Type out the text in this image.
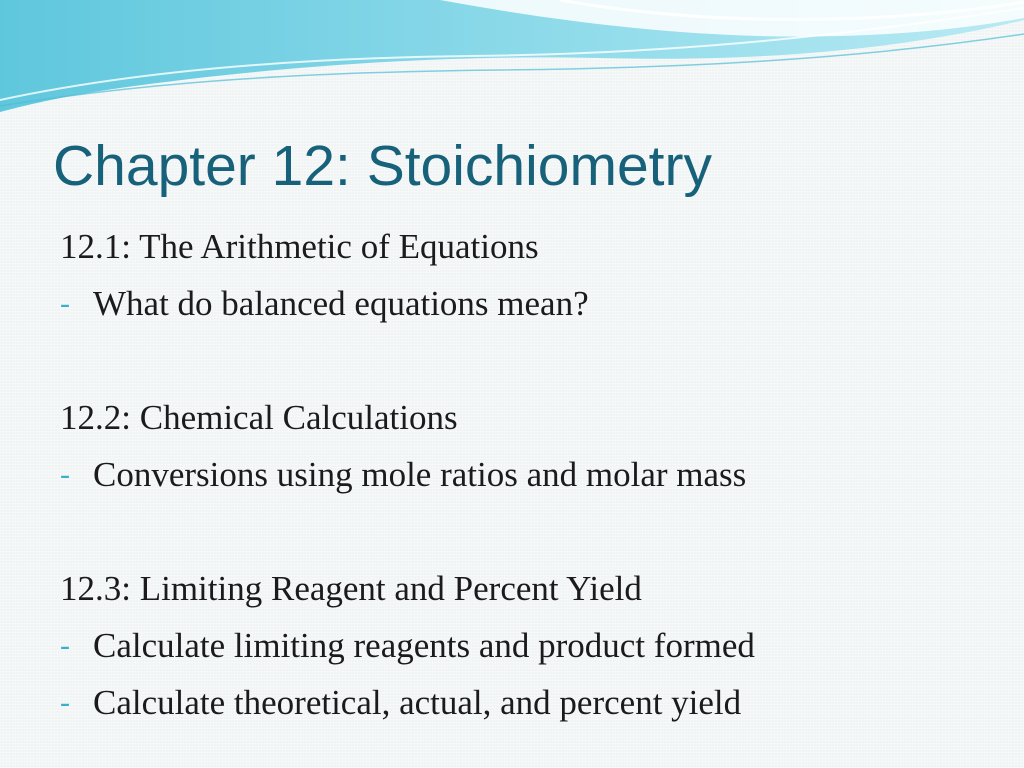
Chapter 12: Stoichiometry
12.1: The Arithmetic of Equations
- What do balanced equations mean?
12.2: Chemical Calculations
- Conversions using mole ratios and molar mass
12.3: Limiting Reagent and Percent Yield
- Calculate limiting reagents and product formed
- Calculate theoretical, actual, and percent yield
